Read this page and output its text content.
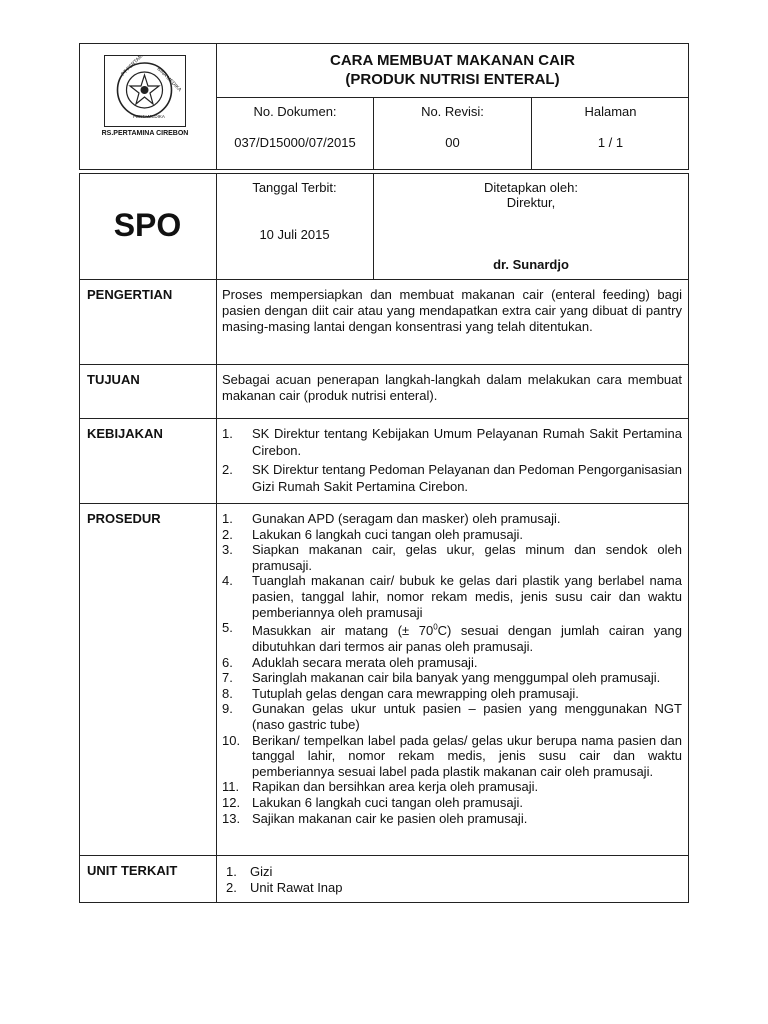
PT PERTAMINA
BINA MEDIKA
PERTAMEDIKA
RS.PERTAMINA CIREBON
CARA MEMBUAT MAKANAN CAIR
(PRODUK NUTRISI ENTERAL)
No. Dokumen:
037/D15000/07/2015
No. Revisi:
00
Halaman
1 / 1
SPO
Tanggal Terbit:
10 Juli 2015
Ditetapkan oleh:
Direktur,
dr. Sunardjo
PENGERTIAN	Proses mempersiapkan dan membuat makanan cair (enteral feeding) bagi pasien dengan diit cair atau yang mendapatkan extra cair yang dibuat di pantry masing-masing lantai dengan konsentrasi yang telah ditentukan.
TUJUAN	Sebagai acuan penerapan langkah-langkah dalam melakukan cara membuat makanan cair (produk nutrisi enteral).
KEBIJAKAN	1. SK Direktur tentang Kebijakan Umum Pelayanan Rumah Sakit Pertamina Cirebon.
2. SK Direktur tentang Pedoman Pelayanan dan Pedoman Pengorganisasian Gizi Rumah Sakit Pertamina Cirebon.
PROSEDUR	1. Gunakan APD (seragam dan masker) oleh pramusaji.
2. Lakukan 6 langkah cuci tangan oleh pramusaji.
3. Siapkan makanan cair, gelas ukur, gelas minum dan sendok oleh pramusaji.
4. Tuanglah makanan cair/ bubuk ke gelas dari plastik yang berlabel nama pasien, tanggal lahir, nomor rekam medis, jenis susu cair dan waktu pemberiannya oleh pramusaji
5. Masukkan air matang (± $70^0C$) sesuai dengan jumlah cairan yang dibutuhkan dari termos air panas oleh pramusaji.
6. Aduklah secara merata oleh pramusaji.
7. Saringlah makanan cair bila banyak yang menggumpal oleh pramusaji.
8. Tutuplah gelas dengan cara mewrapping oleh pramusaji.
9. Gunakan gelas ukur untuk pasien – pasien yang menggunakan NGT (naso gastric tube)
10. Berikan/ tempelkan label pada gelas/ gelas ukur berupa nama pasien dan tanggal lahir, nomor rekam medis, jenis susu cair dan waktu pemberiannya sesuai label pada plastik makanan cair oleh pramusaji.
11. Rapikan dan bersihkan area kerja oleh pramusaji.
12. Lakukan 6 langkah cuci tangan oleh pramusaji.
13. Sajikan makanan cair ke pasien oleh pramusaji.
UNIT TERKAIT	1. Gizi
2. Unit Rawat Inap
